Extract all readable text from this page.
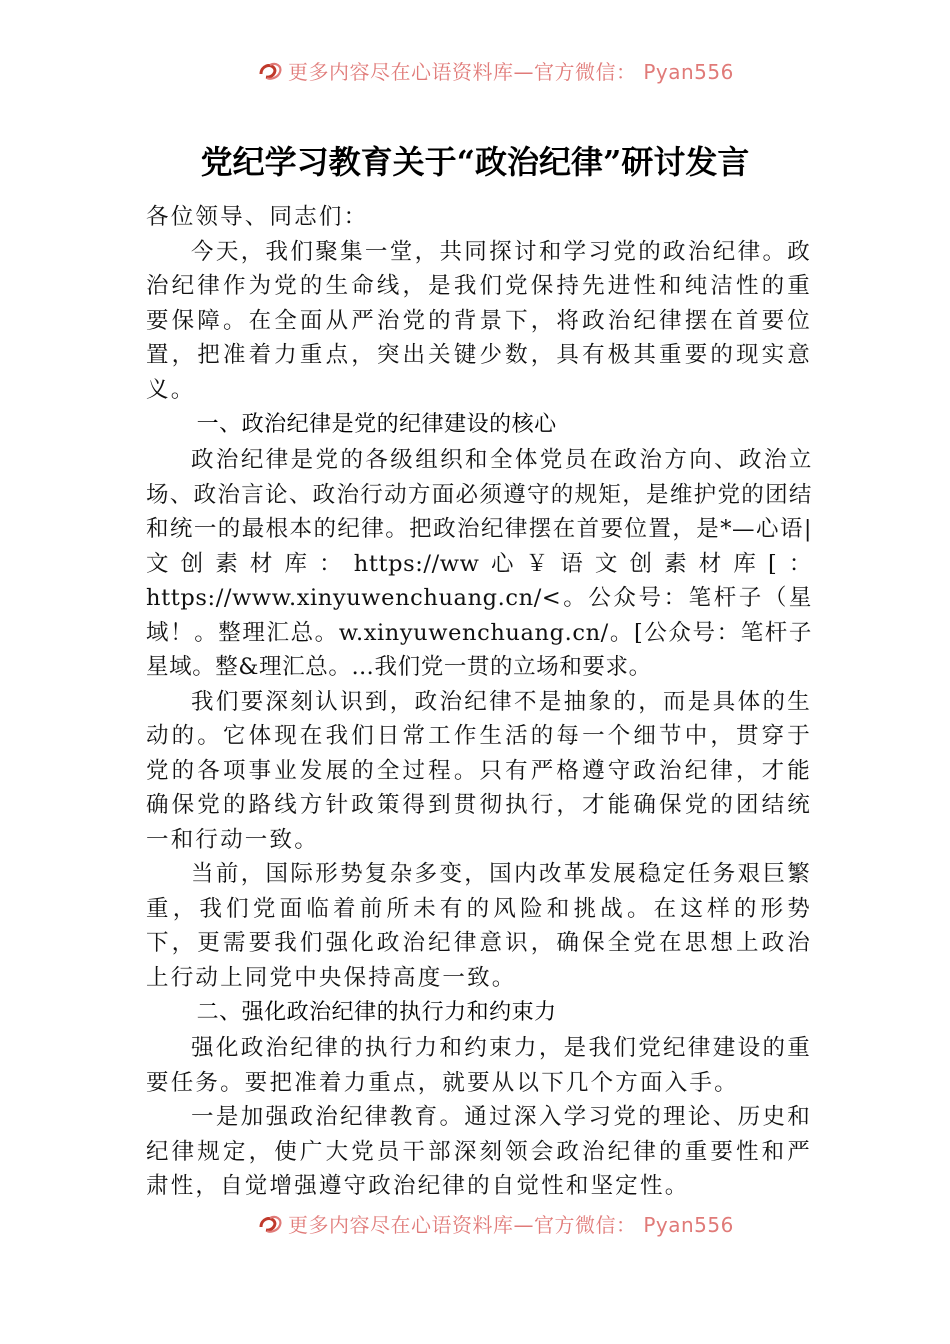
更多内容尽在心语资料库—官方微信： Pyan556
党纪学习教育关于“政治纪律”研讨发言

各位领导、同志们：

今天，我们聚集一堂，共同探讨和学习党的政治纪律。政治纪律作为党的生命线，是我们党保持先进性和纯洁性的重要保障。在全面从严治党的背景下，将政治纪律摆在首要位置，把准着力重点，突出关键少数，具有极其重要的现实意义。

一、政治纪律是党的纪律建设的核心

政治纪律是党的各级组织和全体党员在政治方向、政治立场、政治言论、政治行动方面必须遵守的规矩，是维护党的团结和统一的最根本的纪律。把政治纪律摆在首要位置，是*—心语|文创素材库：https://ww心￥语文创素材库[：https://www.xinyuwenchuang.cn/<。公众号：笔杆子（星域！。整理汇总。w.xinyuwenchuang.cn/。[公众号：笔杆子星域。整&理汇总。…我们党一贯的立场和要求。

我们要深刻认识到，政治纪律不是抽象的，而是具体的生动的。它体现在我们日常工作生活的每一个细节中，贯穿于党的各项事业发展的全过程。只有严格遵守政治纪律，才能确保党的路线方针政策得到贯彻执行，才能确保党的团结统一和行动一致。

当前，国际形势复杂多变，国内改革发展稳定任务艰巨繁重，我们党面临着前所未有的风险和挑战。在这样的形势下，更需要我们强化政治纪律意识，确保全党在思想上政治上行动上同党中央保持高度一致。

二、强化政治纪律的执行力和约束力

强化政治纪律的执行力和约束力，是我们党纪律建设的重要任务。要把准着力重点，就要从以下几个方面入手。

一是加强政治纪律教育。通过深入学习党的理论、历史和纪律规定，使广大党员干部深刻领会政治纪律的重要性和严肃性，自觉增强遵守政治纪律的自觉性和坚定性。

更多内容尽在心语资料库—官方微信： Pyan556
